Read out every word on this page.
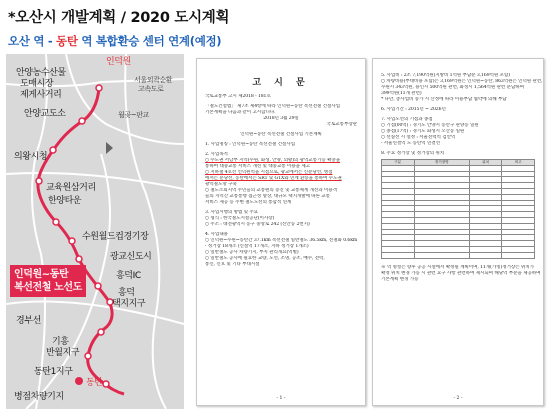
*오산시 개발계획 / 2020 도시계획
오산 역 - 동탄 역 복합환승 센터 연계(예정)
인덕원
안양농수산물
도매시장
제게사거리
서울외곽순환
고속도로
안양교도소	월곶~판교
의왕시청
교육원삼거리
한양타운
수원월드컵경기장
광교신도시
흥덕IC
흥덕
택지지구
경부선
기흥
반월지구
동탄1지구
동탄
병점차량기지
인덕원~동탄
복선전철 노선도
고 시 문
국토교통부 고시 제2018 - 181호
「철도건설법」 제7조 제4항에 따라 인덕원~동탄 복선전철 건설사업
기본계획을 다음과 같이 고시합니다.
2018년 3월 29일
국토교통부장관
인덕원~동탄 복선전철 건설사업 기본계획
1. 사업명칭 : 인덕원~동탄 복선전철 건설사업
2. 사업목적
○ 수도권 서남부 지역(수원, 화성, 안양, 의왕)의 광역교통기능 확충을
통하여 대중교통 서비스 개선 및 대중교통 이용을 제고
○ 지하철 4호선 인덕원역을 시점으로, 광교에서는 신분당선, 병점
에서는 분당선, 동탄에서는 SRT 및 GTX와 연계 환승을 통하여 수도권
광역철도망 구축
○ 철도소외지역 주민들의 교통편의 증진 및 교통체계 개선과 이용객
들의 지역간 교통통행 접근성 향상, 대규모 택지개발에 따른 교통
서비스 제공 등 주변 철도노선의 통합적 연계
3. 사업시행의 방법 및 주요
○ 형식 : 한국철도시설공단(이사장)
○ 주소 : 대전광역시 동구 중앙로 242 (신안동 2번지)
4. 사업내용
○ 인덕원~수원~동탄간 37.1km 복선전철 일반철도 36.5km, 전철화 0.6km
- 정거장 18개소 (신설역 17개소, 지하 정거장 1개소)
○ 일반철도 공사 차량기지, 부지 관리개요(역별)
○ 일반철도 공사에 필요한 교량, 노선, 조명, 공조, 배수, 전력,
통신, 신호 및 기타 부대시설
- 1 -
5. 사업비 : 2조 7,190억원(지방비 1억원 부담분 3,169억원 포함)
○ 차량비용(부대비용 포함)은 3,169억원은 인덕원~동탄, 863억원은 인덕원 관련,
수원시 343억원, 용인시 500억원 관련, 화성시 1,564억원 관련 분담하며
399억원(11개 관련)
* 다만, 총사업비 증가 시 산정에 따라 이용부담 협약에 의해 부담
6. 사업기간 : 2015년 ~ 2026년
7. 사업노선의 기점과 종점
○ 기점(00역) : 경기도 안양시 동안구 관양동 일원
○ 종점(17역) : 경기도 화성시 오산동 일원
○ 선실선 시 설정 : 서울전력역 검안역
- 서울연결역 도 동탄역 연결선
8. 주요 정거장 및 정거장의 위치
구분	정거장명	위치	비고

※ 역 명칭은 향후 공공 시설에서 확정될 계획이며, 11개(가칭)정거장은 위치가
확정 위치 변경 가능 시 관련 요구 사항 관련하여 제시되며 해당역 부분을 제공하며
기본계획 변경 가능
- 2 -
